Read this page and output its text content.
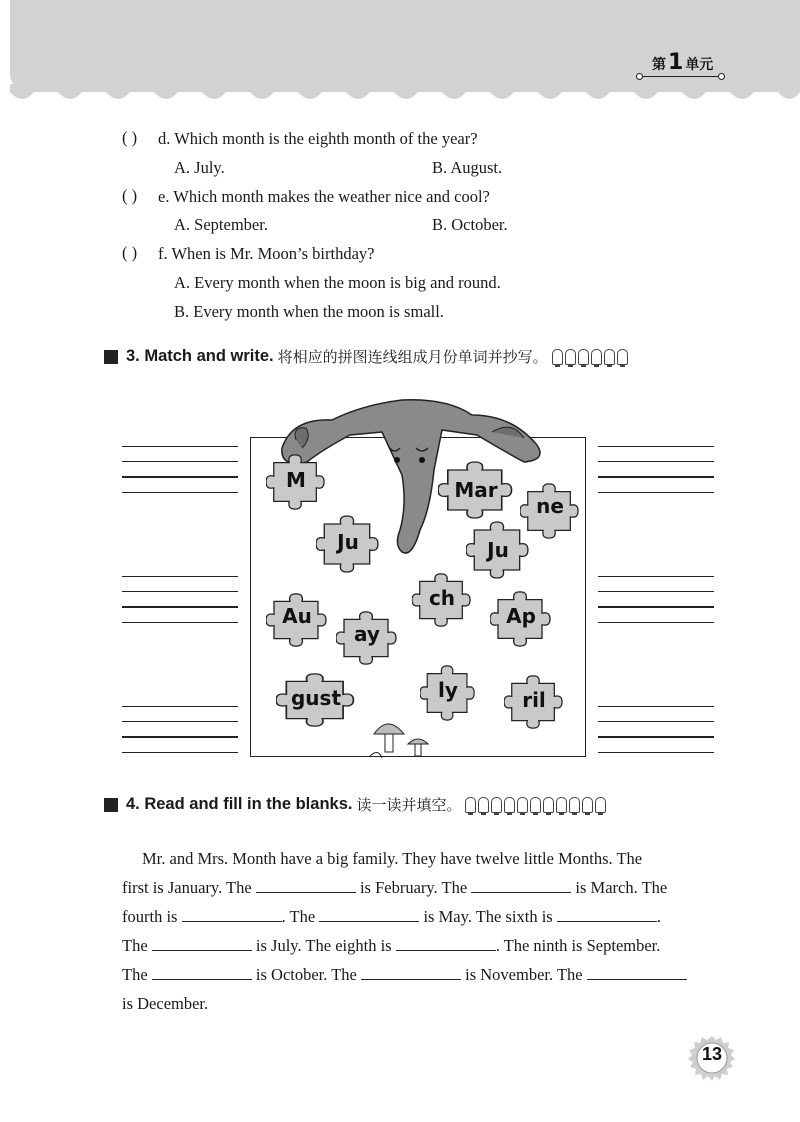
第 1 单元
( ) d. Which month is the eighth month of the year?
A. July.	B. August.
( ) e. Which month makes the weather nice and cool?
A. September.	B. October.
( ) f. When is Mr. Moon’s birthday?
A. Every month when the moon is big and round.
B. Every month when the moon is small.
3. Match and write. 将相应的拼图连线组成月份单词并抄写。
M	Mar
ne
Ju	Ju
ch
Au	Ap
ay
gust	ly	ril
4. Read and fill in the blanks. 读一读并填空。

Mr. and Mrs. Month have a big family. They have twelve little Months. The

first is January. The	is February. The	is March. The

fourth is	. The	is May. The sixth is	.

The	is July. The eighth is	. The ninth is September.

The	is October. The	is November. The

is December.

13
